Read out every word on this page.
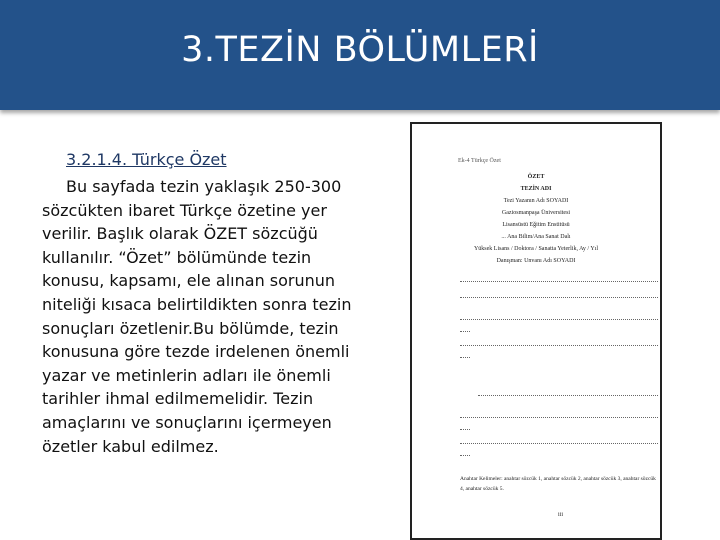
3.TEZİN BÖLÜMLERİ
3.2.1.4. Türkçe Özet

Bu sayfada tezin yaklaşık 250-300 sözcükten ibaret Türkçe özetine yer verilir. Başlık olarak ÖZET sözcüğü kullanılır. “Özet” bölümünde tezin konusu, kapsamı, ele alınan sorunun niteliği kısaca belirtildikten sonra tezin sonuçları özetlenir.Bu bölümde, tezin konusuna göre tezde irdelenen önemli yazar ve metinlerin adları ile önemli tarihler ihmal edilmemelidir. Tezin amaçlarını ve sonuçlarını içermeyen özetler kabul edilmez.

Ek-4 Türkçe Özet
ÖZET
TEZİN ADI
Tezi Yazanın Adı SOYADI
Gaziosmanpaşa Üniversitesi
Lisansüstü Eğitim Enstitüsü
... Ana Bilim/Ana Sanat Dalı
Yüksek Lisans / Doktora / Sanatta Yeterlik, Ay / Yıl
Danışman: Unvanı Adı SOYADI
Anahtar Kelimeler: anahtar sözcük 1, anahtar sözcük 2, anahtar sözcük 3, anahtar sözcük 4, anahtar sözcük 5.
iii
